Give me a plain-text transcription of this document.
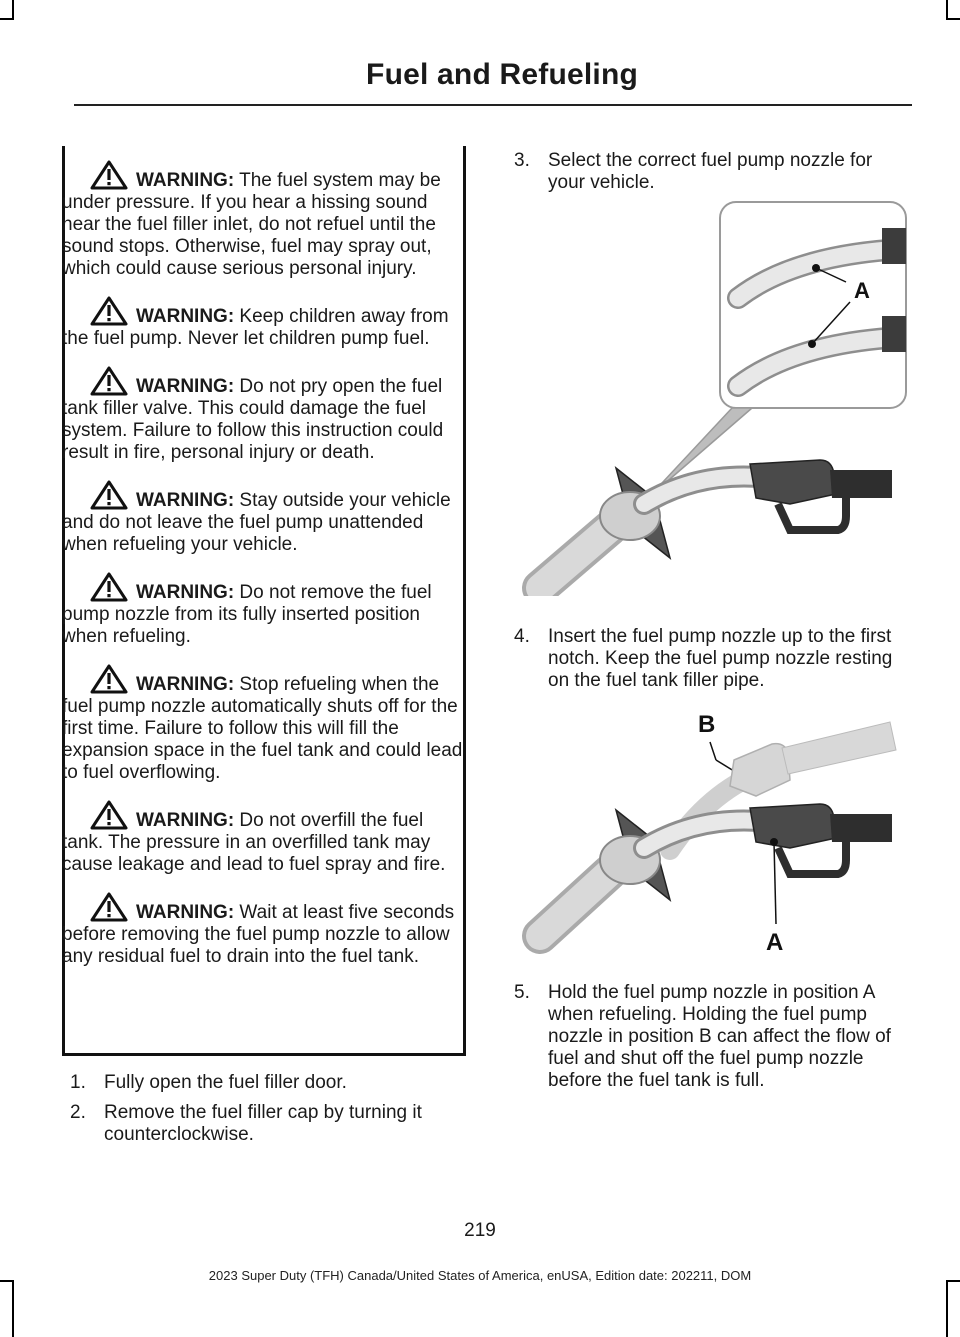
Fuel and Refueling

WARNING: The fuel system may be under pressure. If you hear a hissing sound near the fuel filler inlet, do not refuel until the sound stops. Otherwise, fuel may spray out, which could cause serious personal injury.

WARNING: Keep children away from the fuel pump. Never let children pump fuel.

WARNING: Do not pry open the fuel tank filler valve. This could damage the fuel system. Failure to follow this instruction could result in fire, personal injury or death.

WARNING: Stay outside your vehicle and do not leave the fuel pump unattended when refueling your vehicle.

WARNING: Do not remove the fuel pump nozzle from its fully inserted position when refueling.

WARNING: Stop refueling when the fuel pump nozzle automatically shuts off for the first time. Failure to follow this will fill the expansion space in the fuel tank and could lead to fuel overflowing.

WARNING: Do not overfill the fuel tank. The pressure in an overfilled tank may cause leakage and lead to fuel spray and fire.

WARNING: Wait at least five seconds before removing the fuel pump nozzle to allow any residual fuel to drain into the fuel tank.

1. Fully open the fuel filler door.
2. Remove the fuel filler cap by turning it counterclockwise.
3. Select the correct fuel pump nozzle for your vehicle.
A
4. Insert the fuel pump nozzle up to the first notch. Keep the fuel pump nozzle resting on the fuel tank filler pipe.
B
A
5. Hold the fuel pump nozzle in position A when refueling. Holding the fuel pump nozzle in position B can affect the flow of fuel and shut off the fuel pump nozzle before the fuel tank is full.
219
2023 Super Duty (TFH) Canada/United States of America, enUSA, Edition date: 202211, DOM
